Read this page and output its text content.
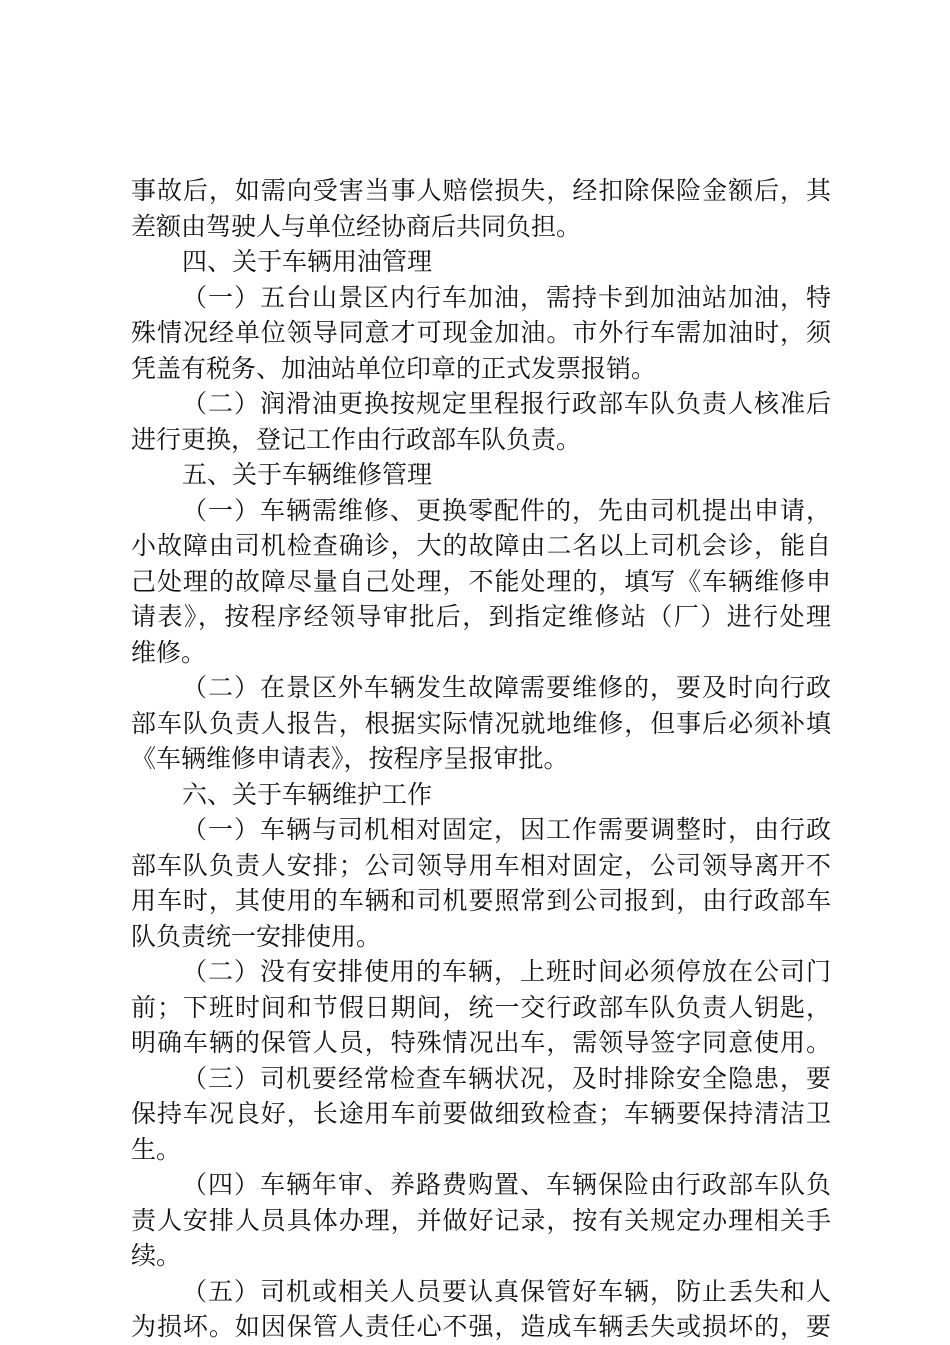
事故后，如需向受害当事人赔偿损失，经扣除保险金额后，其
差额由驾驶人与单位经协商后共同负担。
四、关于车辆用油管理
（一）五台山景区内行车加油，需持卡到加油站加油，特
殊情况经单位领导同意才可现金加油。市外行车需加油时，须
凭盖有税务、加油站单位印章的正式发票报销。
（二）润滑油更换按规定里程报行政部车队负责人核准后
进行更换，登记工作由行政部车队负责。
五、关于车辆维修管理
（一）车辆需维修、更换零配件的，先由司机提出申请，
小故障由司机检查确诊，大的故障由二名以上司机会诊，能自
己处理的故障尽量自己处理，不能处理的，填写《车辆维修申
请表》，按程序经领导审批后，到指定维修站（厂）进行处理
维修。
（二）在景区外车辆发生故障需要维修的，要及时向行政
部车队负责人报告，根据实际情况就地维修，但事后必须补填
《车辆维修申请表》，按程序呈报审批。
六、关于车辆维护工作
（一）车辆与司机相对固定，因工作需要调整时，由行政
部车队负责人安排；公司领导用车相对固定，公司领导离开不
用车时，其使用的车辆和司机要照常到公司报到，由行政部车
队负责统一安排使用。
（二）没有安排使用的车辆，上班时间必须停放在公司门
前；下班时间和节假日期间，统一交行政部车队负责人钥匙，
明确车辆的保管人员，特殊情况出车，需领导签字同意使用。
（三）司机要经常检查车辆状况，及时排除安全隐患，要
保持车况良好，长途用车前要做细致检查；车辆要保持清洁卫
生。
（四）车辆年审、养路费购置、车辆保险由行政部车队负
责人安排人员具体办理，并做好记录，按有关规定办理相关手
续。
（五）司机或相关人员要认真保管好车辆，防止丢失和人
为损坏。如因保管人责任心不强，造成车辆丢失或损坏的，要
